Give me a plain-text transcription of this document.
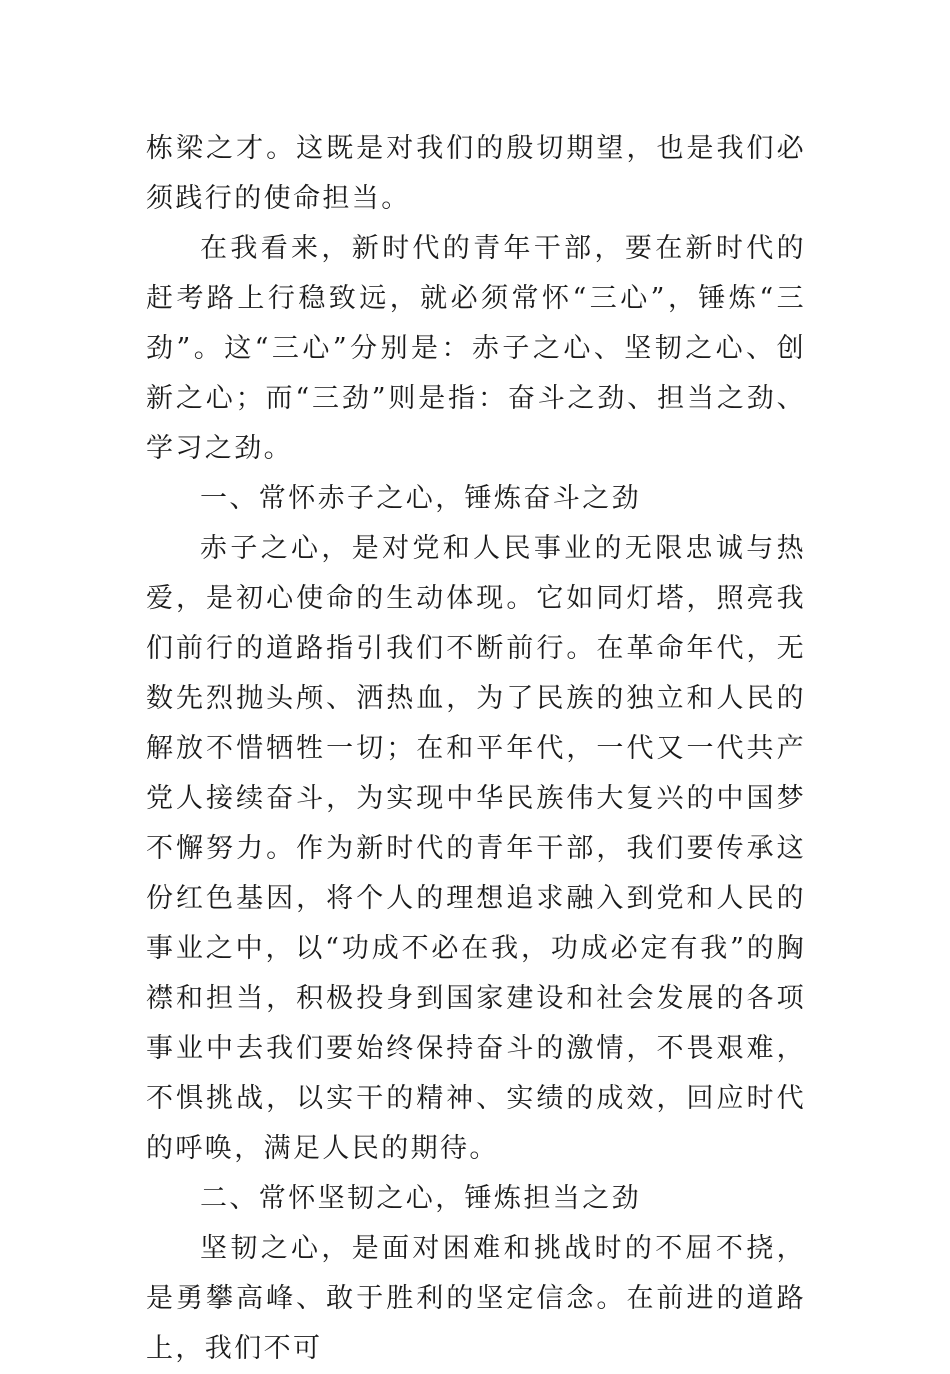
栋梁之才。这既是对我们的殷切期望，也是我们必须践行的使命担当。

在我看来，新时代的青年干部，要在新时代的赶考路上行稳致远，就必须常怀“三心”，锤炼“三劲”。这“三心”分别是：赤子之心、坚韧之心、创新之心；而“三劲”则是指：奋斗之劲、担当之劲、学习之劲。

一、常怀赤子之心，锤炼奋斗之劲

赤子之心，是对党和人民事业的无限忠诚与热爱，是初心使命的生动体现。它如同灯塔，照亮我们前行的道路指引我们不断前行。在革命年代，无数先烈抛头颅、洒热血，为了民族的独立和人民的解放不惜牺牲一切；在和平年代，一代又一代共产党人接续奋斗，为实现中华民族伟大复兴的中国梦不懈努力。作为新时代的青年干部，我们要传承这份红色基因，将个人的理想追求融入到党和人民的事业之中，以“功成不必在我，功成必定有我”的胸襟和担当，积极投身到国家建设和社会发展的各项事业中去我们要始终保持奋斗的激情，不畏艰难，不惧挑战，以实干的精神、实绩的成效，回应时代的呼唤，满足人民的期待。

二、常怀坚韧之心，锤炼担当之劲

坚韧之心，是面对困难和挑战时的不屈不挠，是勇攀高峰、敢于胜利的坚定信念。在前进的道路上，我们不可
